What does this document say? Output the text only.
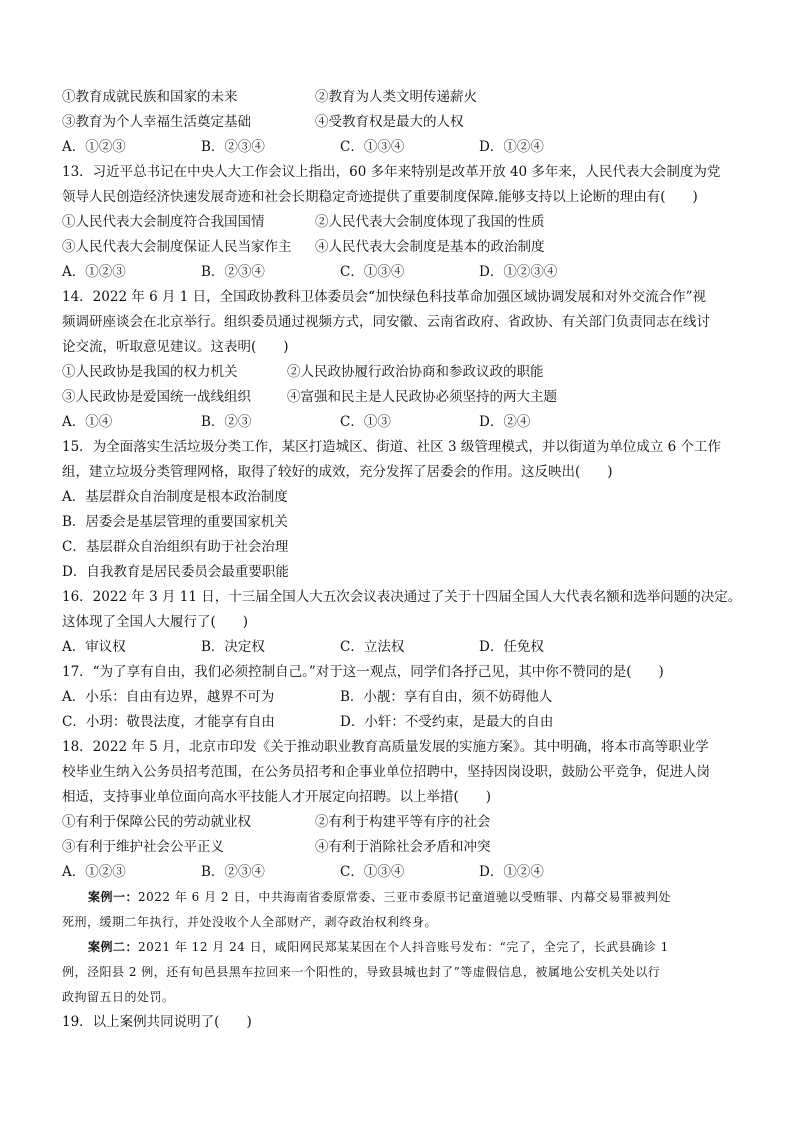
①教育成就民族和国家的未来	②教育为人类文明传递薪火
③教育为个人幸福生活奠定基础	④受教育权是最大的人权
A．①②③	B．②③④	C．①③④	D．①②④
13．习近平总书记在中央人大工作会议上指出，60 多年来特别是改革开放 40 多年来，人民代表大会制度为党
领导人民创造经济快速发展奇迹和社会长期稳定奇迹提供了重要制度保障.能够支持以上论断的理由有(　　)
①人民代表大会制度符合我国国情	②人民代表大会制度体现了我国的性质
③人民代表大会制度保证人民当家作主	④人民代表大会制度是基本的政治制度
A．①②③	B．②③④	C．①③④	D．①②③④
14．2022 年 6 月 1 日，全国政协教科卫体委员会“加快绿色科技革命加强区域协调发展和对外交流合作”视
频调研座谈会在北京举行。组织委员通过视频方式，同安徽、云南省政府、省政协、有关部门负责同志在线讨
论交流，听取意见建议。这表明(　　)
①人民政协是我国的权力机关	②人民政协履行政治协商和参政议政的职能
③人民政协是爱国统一战线组织	④富强和民主是人民政协必须坚持的两大主题
A．①④	B．②③	C．①③	D．②④
15．为全面落实生活垃圾分类工作，某区打造城区、街道、社区 3 级管理模式，并以街道为单位成立 6 个工作
组，建立垃圾分类管理网格，取得了较好的成效，充分发挥了居委会的作用。这反映出(　　)
A．基层群众自治制度是根本政治制度
B．居委会是基层管理的重要国家机关
C．基层群众自治组织有助于社会治理
D．自我教育是居民委员会最重要职能
16．2022 年 3 月 11 日，十三届全国人大五次会议表决通过了关于十四届全国人大代表名额和选举问题的决定。
这体现了全国人大履行了(　　)
A．审议权	B．决定权	C．立法权	D．任免权
17．“为了享有自由，我们必须控制自己。”对于这一观点，同学们各抒己见，其中你不赞同的是(　　)
A．小乐：自由有边界，越界不可为	B．小靓：享有自由，须不妨碍他人
C．小玥：敬畏法度，才能享有自由	D．小轩：不受约束，是最大的自由
18．2022 年 5 月，北京市印发《关于推动职业教育高质量发展的实施方案》。其中明确，将本市高等职业学
校毕业生纳入公务员招考范围，在公务员招考和企事业单位招聘中，坚持因岗设职，鼓励公平竞争，促进人岗
相适，支持事业单位面向高水平技能人才开展定向招聘。以上举措(　　)
①有利于保障公民的劳动就业权	②有利于构建平等有序的社会
③有利于维护社会公平正义	④有利于消除社会矛盾和冲突
A．①②③	B．②③④	C．①③④	D．①②④
案例一：2022 年 6 月 2 日，中共海南省委原常委、三亚市委原书记童道驰以受贿罪、内幕交易罪被判处
死刑，缓期二年执行，并处没收个人全部财产，剥夺政治权利终身。
案例二：2021 年 12 月 24 日，咸阳网民郑某某因在个人抖音账号发布：“完了，全完了，长武县确诊 1
例，泾阳县 2 例，还有旬邑县黑车拉回来一个阳性的，导致县城也封了”等虚假信息，被属地公安机关处以行
政拘留五日的处罚。
19．以上案例共同说明了(　　)
